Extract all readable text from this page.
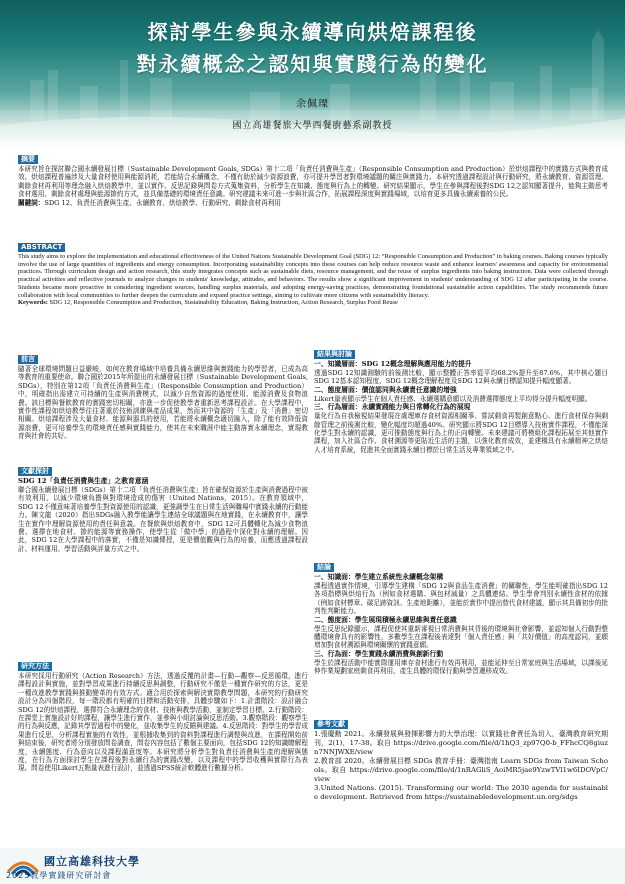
探討學生參與永續導向烘焙課程後
對永續概念之認知與實踐行為的變化
余佩瑮
國立高雄餐旅大學西餐廚藝系副教授
摘要
本研究旨在探討聯合國永續發展目標（Sustainable Development Goals, SDGs）第十二項「負責任消費與生產」（Responsible Consumption and Production）於烘焙課程中的實踐方式與教育成效。烘焙課程普遍涉及大量食材使用與能源消耗，若能結合永續概念，不僅有助於減少資源浪費，亦可提升學習者對環境議題的關注與實踐力。本研究透過課程設計與行動研究，將永續教育、資源管理、剩餘食材再利用等理念融入烘焙教學中，並以實作、反思記錄與問卷方式蒐集資料，分析學生在知識、態度與行為上的轉變。研究結果顯示，學生在參與課程後對SDG 12之認知顯著提升，能夠主動思考食材選用、剩餘食材處理與能源節約方式，並具備基礎的環境責任意識。研究建議未來可進一步與社區合作，拓展課程深度與實踐場域，以培育更多具備永續素養的公民。
關鍵詞：SDG 12、負責任消費與生產、永續教育、烘焙教學、行動研究、剩餘食材再利用
ABSTRACT
This study aims to explore the implementation and educational effectiveness of the United Nations Sustainable Development Goal (SDG) 12: “Responsible Consumption and Production” in baking courses. Baking courses typically involve the use of large quantities of ingredients and energy consumption. Incorporating sustainability concepts into these courses can help reduce resource waste and enhance learners' awareness and capacity for environmental practices. Through curriculum design and action research, this study integrates concepts such as sustainable diets, resource management, and the reuse of surplus ingredients into baking instruction. Data were collected through practical activities and reflective journals to analyze changes in students' knowledge, attitudes, and behaviors. The results show a significant improvement in students' understanding of SDG 12 after participating in the course. Students became more proactive in considering ingredient sources, handling surplus materials, and adopting energy-saving practices, demonstrating foundational sustainable action capabilities. The study recommends future collaboration with local communities to further deepen the curriculum and expand practice settings, aiming to cultivate more citizens with sustainability literacy.
Keywords: SDG 12, Responsible Consumption and Production, Sustainability Education, Baking Instruction, Action Research, Surplus Food Reuse
前言
隨著全球環境問題日益嚴峻，如何在教育場域中培養具備永續思維與實踐能力的學習者，已成為高等教育的重要使命。聯合國於2015年所提出的永續發展目標（Sustainable Development Goals, SDGs），特別在第12項「負責任消費與生產」（Responsible Consumption and Production）中，明確指出需建立可持續的生產與消費模式，以減少自然資源的過度使用、能源消費及食物浪費。該目標與餐飲教育的實踐密切相關，亦進一步促使教學者重新思考課程設計。在大學課程中，實作性課程如烘焙教學往往著重於技術訓練與產品成果，然而其中資源的「生產」及「消費」密切相關。烘焙課程涉及大量食材、能源與器具的使用，若能將永續概念適切融入，除了能有效降低資源浪費，更可培養學生的環境責任感與實踐能力，使其在未來職涯中能主動落實永續理念，實現教育與社會的共好。
文獻探討
SDG 12「負責任消費與生產」之教育意涵
聯合國永續發展目標（SDGs）第十二項「負責任消費與生產」旨在確保資源於生產與消費過程中被有效利用，以減少環境負擔與對環境造成的傷害（United Nations，2015）。在教育領域中，SDG 12不僅意味著培養學生對資源使用的認識，更強調學生在日常生活與職場中實踐永續的行動能力。陳文龍（2020）指出SDGs融入教學能讓學生連結全球議題與在地實踐，在永續教育中，讓學生在實作中理解資源使用的責任與意義。在餐飲與烘焙教育中，SDG 12可具體轉化為減少食物浪費、選擇在地食材、節約能源等實務操作，使學生從「做中學」的過程中深化對永續的理解。因此，SDG 12在大學課程中的落實，不僅是知識傳授，更是價值觀與行為的培養，而應透過課程設計、材料運用、學習活動與評量方式之中。
研究方法
本研究採用行動研究（Action Research）方法，透過反覆的計畫—行動—觀察—反思循環，進行課程設計與實施，並對學習成果進行持續反思與調整，行動研究不僅是一種實作研究的方法，更是一種改進教學實踐與推動變革的有效方式。適合用於探索與解決實際教學問題，本研究的行動研究設計分為四個階段，每一階段都有明確的目標和活動安排，具體步驟如下：1.計畫階段：設計融合SDG 12的烘焙課程，選擇符合永續理念的食材、技術與教學活動，並制定學習目標。2.行動階段：在課堂上實施設計好的課程，讓學生進行實作，並參與小組討論與反思活動。3.觀察階段：觀察學生的行為與反應，記錄其學習過程中的變化，並收集學生的反饋與建議。4.反思階段：對學生的學習成果進行反思，分析課程實施的有效性，並根據收集到的資料對課程進行調整與改進，在課程開始前與結束後，研究者將分別發放問卷調查，問卷內容包括了數個主要面向，包括SDG 12的知識瞭解程度，永續態度、行為意向以及課程滿意度等。本研究將分析學生對負責任消費與生產的理解與態度，在行為方面探討學生在課程後對永續行為的實踐改變，以及課程中的學習收穫與實際行為表現。問卷使用Likert五點量表進行設計，並透過SPSS統計軟體進行數據分析。
結果與討論
一、知識層面：SDG 12概念理解與應用能力的提升
透過SDG 12知識測驗的前後測比較，顯示整體正答率從平均68.2%提升至87.6%，其中核心題目SDG 12基本認知程度、SDG 12概念理解程度及SDG 12與永續目標認知提升幅度顯著。
二、態度層面：價值認同與永續責任意識的增強
Likert量表顯示學生在個人責任感、永續選購意願以及消費選擇態度上平均得分提升幅度明顯。
三、行為層面：永續實踐能力與日常轉化行為的展現
量化行為自我檢視結果發現在處理庫存食材資源相關事、嘗試剩食再製創意點心、進行食材保存與剩餘管理之前後測比較，變化幅度均超過40%。研究顯示將SDG 12目標導入技術實作課程，不僅能深化學生對永續的認識，更可推動態度與行為上的正向轉變。未來建議可將模組化課程拓展至其他實作課程，加入社區合作、食材溯源等更貼近生活的主題，以強化教育成效，並建構具有永續精神之烘焙人才培育系統，促進其全面實踐永續目標於日常生活及專業領域之中。
結論
一、知識面：學生建立系統性永續概念架構
課程透過實作情境，引導學生建構「SDG 12與食品生產消費」的關聯性，學生能明確指出SDG 12各項指標與烘焙行為（例如食材選購、與包材減量）之具體連結。學生學會判別永續性食材的依據（例如食材標章、碳足跡資訊、生產地距離），並能於實作中提出替代食材建議，顯示其具備初步的批判性判斷能力。
二、態度面：學生展現積極永續思維與責任意識
學生反思紀錄顯示，課程促使其重新審視日常消費與其背後的環境與社會影響，並認知個人行動對整體環境會具有的影響性，多數學生在課程後表達對「個人責任感」與「共好價值」的高度認同，並願增加對食材溯源與環境關懷的實踐意願。
三、行為面：學生實踐永續消費與創新行動
學生於課程活動中能實際運用庫存食材進行有效再利用，並能延伸至日常家庭與生活場域，以課後延伸作業規劃家庭剩食再利用，產生具體的環保行動與學習遷移成效。
參考文獻
1.張慶勳 2021。永續發展與發揮影響力的大學治理：以實踐社會責任為切入，臺灣教育研究期刊，2(1)，17-38。取自 https://drive.google.com/file/d/1hQ3_zp97Q0-b_FFhcCQ8giuzn7NNJWXE/view
2.教育部 2020。永續發展目標 SDGs 教育手冊：臺灣指南 Learn SDGs from Taiwan Schools。取自 https://drive.google.com/file/d/1nRAGliS_AoiMR5jae9YzwTVl1w6IDOVpC/view
3.United Nations. (2015). Transforming our world: The 2030 agenda for sustainable development. Retrieved from https://sustainabledevelopment.un.org/sdgs
國立高雄科技大學
2025教學實踐研究研討會
